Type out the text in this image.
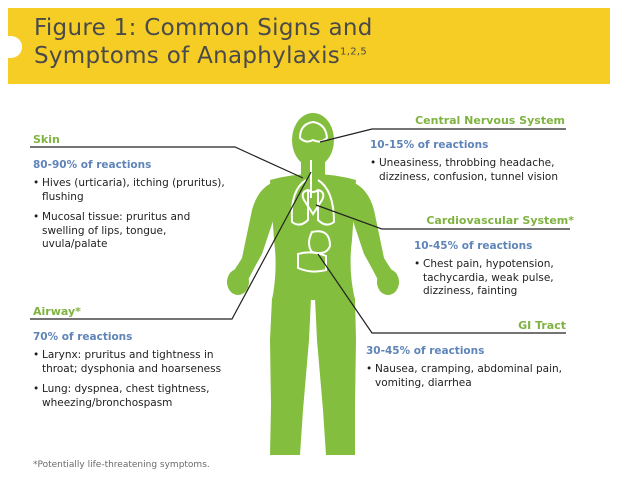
Figure 1: Common Signs and
Symptoms of Anaphylaxis$^{1,2,5}$
Skin
80-90% of reactions
• Hives (urticaria), itching (pruritus), flushing
• Mucosal tissue: pruritus and swelling of lips, tongue, uvula/palate
Airway*
70% of reactions
• Larynx: pruritus and tightness in throat; dysphonia and hoarseness
• Lung: dyspnea, chest tightness, wheezing/bronchospasm
Central Nervous System
10-15% of reactions
• Uneasiness, throbbing headache, dizziness, confusion, tunnel vision
Cardiovascular System*
10-45% of reactions
• Chest pain, hypotension, tachycardia, weak pulse, dizziness, fainting
GI Tract
30-45% of reactions
• Nausea, cramping, abdominal pain, vomiting, diarrhea
*Potentially life-threatening symptoms.
